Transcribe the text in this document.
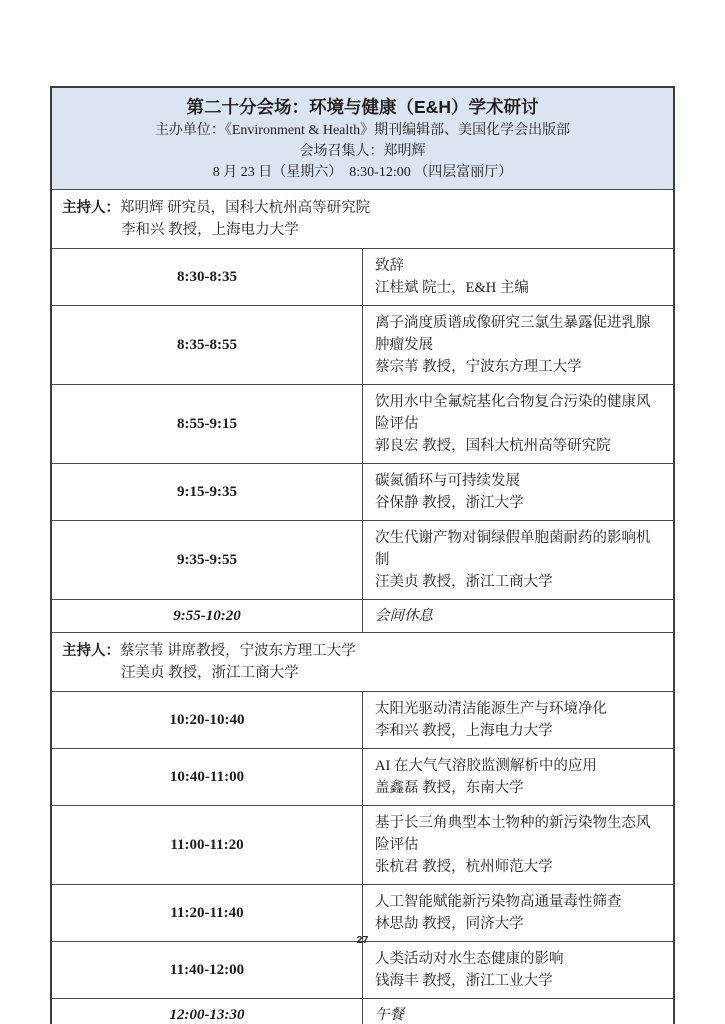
第二十分会场：环境与健康（E&H）学术研讨
主办单位：《Environment & Health》期刊编辑部、美国化学会出版部
会场召集人：郑明辉
8 月 23 日（星期六）  8:30-12:00 （四层富丽厅）	

主持人：郑明辉 研究员，国科大杭州高等研究院
李和兴 教授，上海电力大学	

8:30-8:35	致辞
江桂斌 院士，E&H 主编

8:35-8:55	离子淌度质谱成像研究三氯生暴露促进乳腺肿瘤发展
蔡宗苇 教授，宁波东方理工大学

8:55-9:15	饮用水中全氟烷基化合物复合污染的健康风险评估
郭良宏 教授，国科大杭州高等研究院

9:15-9:35	碳氮循环与可持续发展
谷保静 教授，浙江大学

9:35-9:55	次生代谢产物对铜绿假单胞菌耐药的影响机制
汪美贞 教授，浙江工商大学

9:55-10:20	会间休息

主持人：蔡宗苇 讲席教授，宁波东方理工大学
汪美贞 教授，浙江工商大学	

10:20-10:40	太阳光驱动清洁能源生产与环境净化
李和兴 教授，上海电力大学

10:40-11:00	AI 在大气气溶胶监测解析中的应用
盖鑫磊 教授，东南大学

11:00-11:20	基于长三角典型本土物种的新污染物生态风险评估
张杭君 教授，杭州师范大学

11:20-11:40	人工智能赋能新污染物高通量毒性筛查
林思劼 教授，同济大学

11:40-12:00	人类活动对水生态健康的影响
钱海丰 教授，浙江工业大学

12:00-13:30	午餐
27
